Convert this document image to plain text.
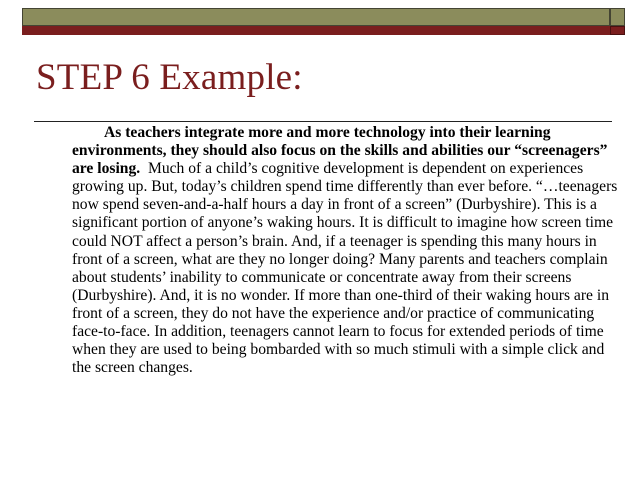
STEP 6 Example:

As teachers integrate more and more technology into their learning environments, they should also focus on the skills and abilities our “screenagers” are losing. Much of a child’s cognitive development is dependent on experiences growing up. But, today’s children spend time differently than ever before. “…teenagers now spend seven-and-a-half hours a day in front of a screen” (Durbyshire). This is a significant portion of anyone’s waking hours. It is difficult to imagine how screen time could NOT affect a person’s brain. And, if a teenager is spending this many hours in front of a screen, what are they no longer doing? Many parents and teachers complain about students’ inability to communicate or concentrate away from their screens (Durbyshire). And, it is no wonder. If more than one-third of their waking hours are in front of a screen, they do not have the experience and/or practice of communicating face-to-face. In addition, teenagers cannot learn to focus for extended periods of time when they are used to being bombarded with so much stimuli with a simple click and the screen changes.
